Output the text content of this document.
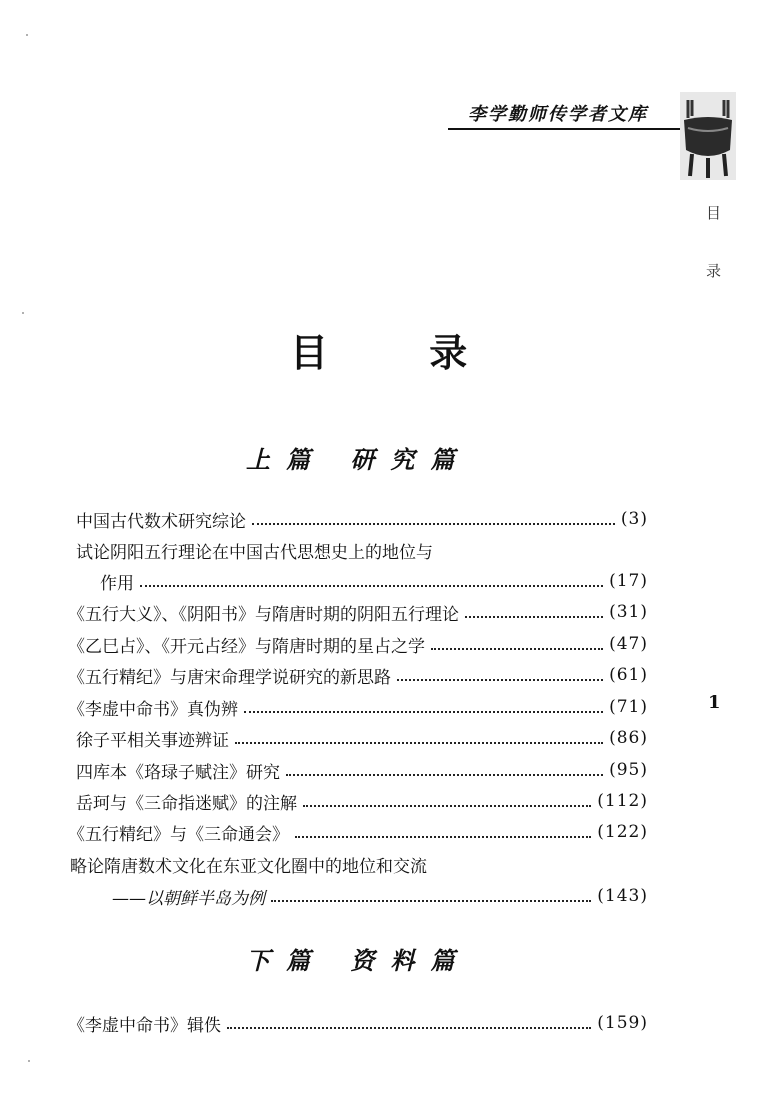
李学勤师传学者文库
目
录
目 录
上篇 研究篇
中国古代数术研究综论	(3)
试论阴阳五行理论在中国古代思想史上的地位与
作用	(17)
《五行大义》、《阴阳书》与隋唐时期的阴阳五行理论	(31)
《乙巳占》、《开元占经》与隋唐时期的星占之学	(47)
《五行精纪》与唐宋命理学说研究的新思路	(61)
《李虚中命书》真伪辨	(71)
徐子平相关事迹辨证	(86)
四库本《珞琭子赋注》研究	(95)
岳珂与《三命指迷赋》的注解	(112)
《五行精纪》与《三命通会》	(122)
略论隋唐数术文化在东亚文化圈中的地位和交流
——以朝鲜半岛为例	(143)
下篇 资料篇
《李虚中命书》辑佚	(159)
1
